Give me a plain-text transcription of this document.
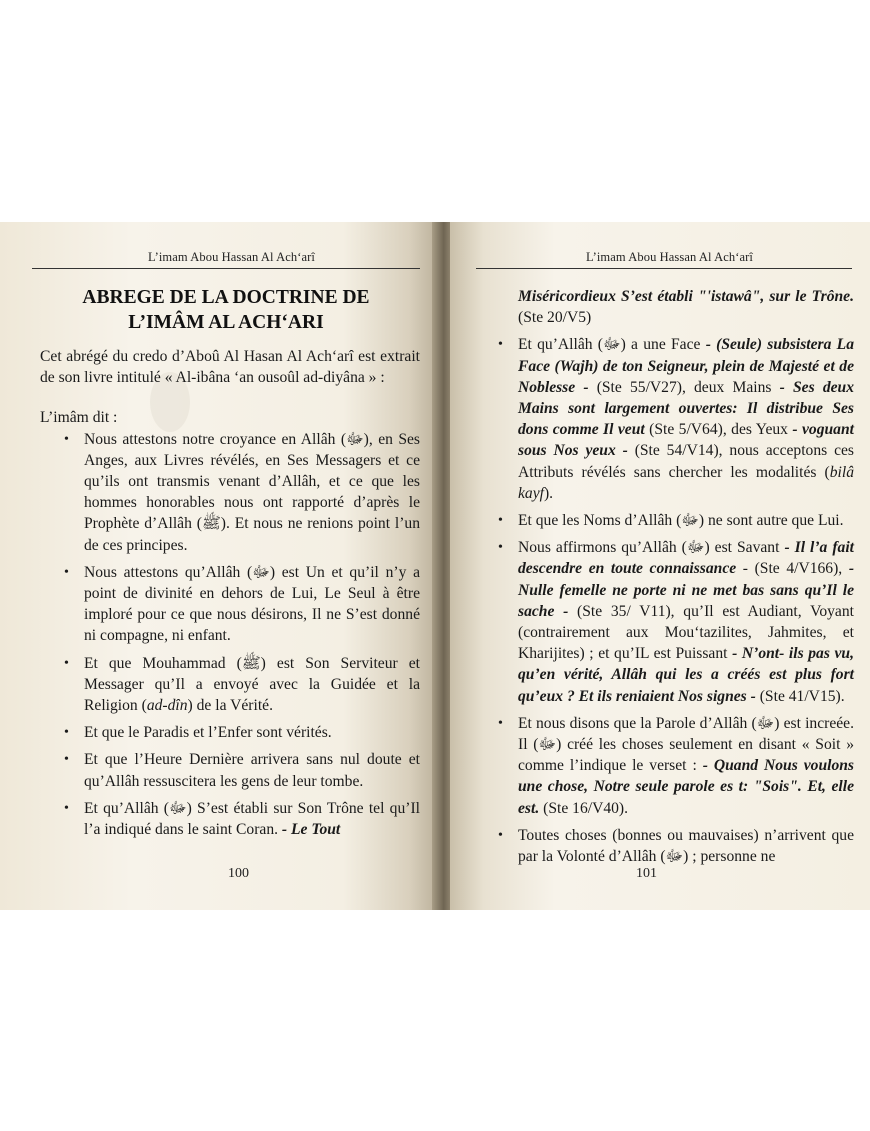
L’imam Abou Hassan Al Ach‘arî
ABREGE DE LA DOCTRINE DE
L’IMÂM AL ACH‘ARI

Cet abrégé du credo d’Aboû Al Hasan Al Ach‘arî est extrait de son livre intitulé « Al-ibâna ‘an ousoûl ad-diyâna » :

L’imâm dit :

• Nous attestons notre croyance en Allâh (ﷻ), en Ses Anges, aux Livres révélés, en Ses Messagers et ce qu’ils ont transmis venant d’Allâh, et ce que les hommes honorables nous ont rapporté d’après le Prophète d’Allâh (ﷺ). Et nous ne renions point l’un de ces principes.
• Nous attestons qu’Allâh (ﷻ) est Un et qu’il n’y a point de divinité en dehors de Lui, Le Seul à être imploré pour ce que nous désirons, Il ne S’est donné ni compagne, ni enfant.
• Et que Mouhammad (ﷺ) est Son Serviteur et Messager qu’Il a envoyé avec la Guidée et la Religion (ad-dîn) de la Vérité.
• Et que le Paradis et l’Enfer sont vérités.
• Et que l’Heure Dernière arrivera sans nul doute et qu’Allâh ressuscitera les gens de leur tombe.
• Et qu’Allâh (ﷻ) S’est établi sur Son Trône tel qu’Il l’a indiqué dans le saint Coran. - Le Tout
100
L’imam Abou Hassan Al Ach‘arî
Miséricordieux S’est établi "'istawâ", sur le Trône. (Ste 20/V5)
• Et qu’Allâh (ﷻ) a une Face - (Seule) subsistera La Face (Wajh) de ton Seigneur, plein de Majesté et de Noblesse - (Ste 55/V27), deux Mains - Ses deux Mains sont largement ouvertes: Il distribue Ses dons comme Il veut (Ste 5/V64), des Yeux - voguant sous Nos yeux - (Ste 54/V14), nous acceptons ces Attributs révélés sans chercher les modalités (bilâ kayf).
• Et que les Noms d’Allâh (ﷻ) ne sont autre que Lui.
• Nous affirmons qu’Allâh (ﷻ) est Savant - Il l’a fait descendre en toute connaissance - (Ste 4/V166), - Nulle femelle ne porte ni ne met bas sans qu’Il le sache - (Ste 35/ V11), qu’Il est Audiant, Voyant (contrairement aux Mou‘tazilites, Jahmites, et Kharijites) ; et qu’IL est Puissant - N’ont- ils pas vu, qu’en vérité, Allâh qui les a créés est plus fort qu’eux ? Et ils reniaient Nos signes - (Ste 41/V15).
• Et nous disons que la Parole d’Allâh (ﷻ) est increée. Il (ﷻ) créé les choses seulement en disant « Soit » comme l’indique le verset : - Quand Nous voulons une chose, Notre seule parole es t: "Sois". Et, elle est. (Ste 16/V40).
• Toutes choses (bonnes ou mauvaises) n’arrivent que par la Volonté d’Allâh (ﷻ) ; personne ne
101
